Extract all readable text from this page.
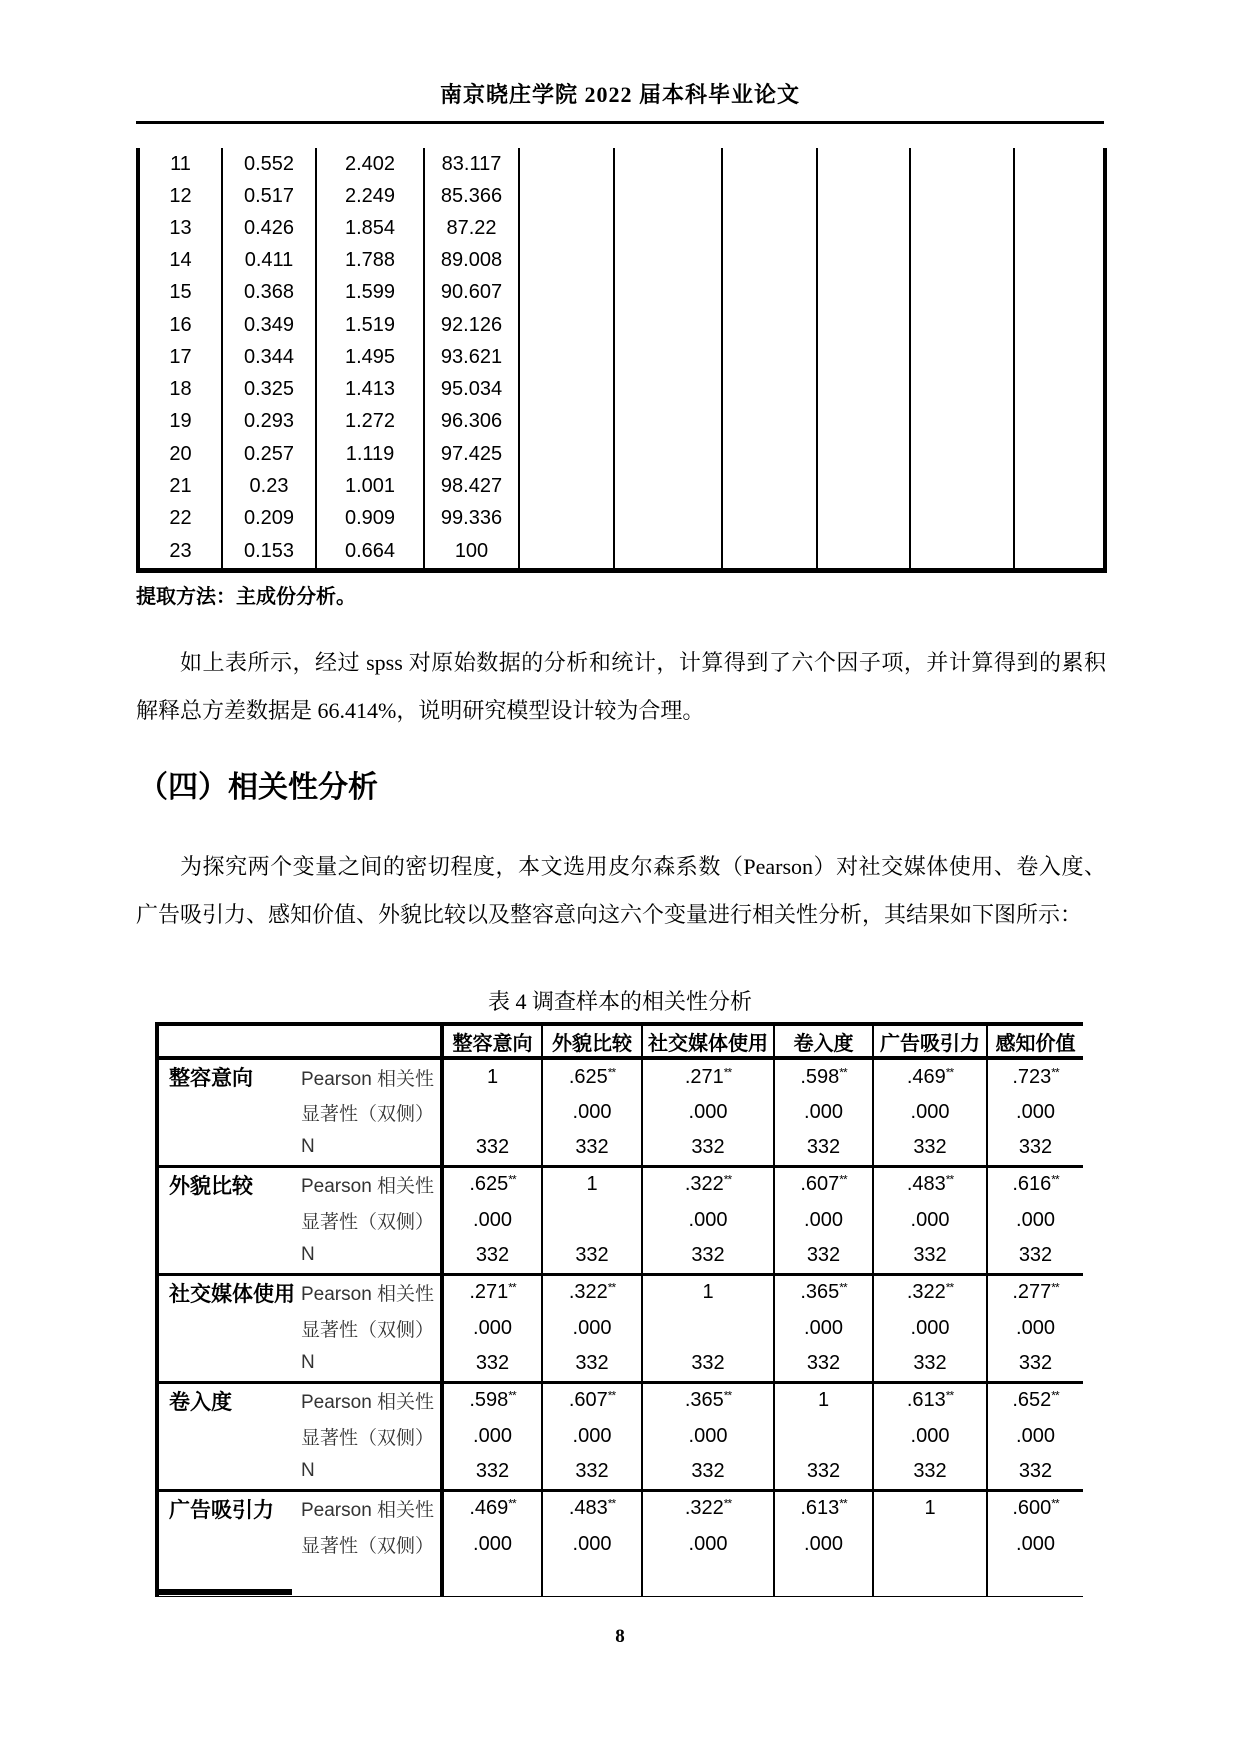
南京晓庄学院 2022 届本科毕业论文
11	0.552	2.402	83.117						
12	0.517	2.249	85.366						
13	0.426	1.854	87.22						
14	0.411	1.788	89.008						
15	0.368	1.599	90.607						
16	0.349	1.519	92.126						
17	0.344	1.495	93.621						
18	0.325	1.413	95.034						
19	0.293	1.272	96.306						
20	0.257	1.119	97.425						
21	0.23	1.001	98.427						
22	0.209	0.909	99.336						
23	0.153	0.664	100						
提取方法：主成份分析。
如上表所示，经过 spss 对原始数据的分析和统计，计算得到了六个因子项，并计算得到的累积解释总方差数据是 66.414%，说明研究模型设计较为合理。
（四）相关性分析
为探究两个变量之间的密切程度，本文选用皮尔森系数（Pearson）对社交媒体使用、卷入度、广告吸引力、感知价值、外貌比较以及整容意向这六个变量进行相关性分析，其结果如下图所示：
表 4 调查样本的相关性分析
	整容意向	外貌比较	社交媒体使用	卷入度	广告吸引力	感知价值

整容意向 Pearson 相关性	1	.625**	.271**	.598**	.469**	.723**

显著性（双侧）		.000	.000	.000	.000	.000

N	332	332	332	332	332	332

外貌比较 Pearson 相关性	.625**	1	.322**	.607**	.483**	.616**

显著性（双侧）	.000		.000	.000	.000	.000

N	332	332	332	332	332	332

社交媒体使用 Pearson 相关性	.271**	.322**	1	.365**	.322**	.277**

显著性（双侧）	.000	.000		.000	.000	.000

N	332	332	332	332	332	332

卷入度 Pearson 相关性	.598**	.607**	.365**	1	.613**	.652**

显著性（双侧）	.000	.000	.000		.000	.000

N	332	332	332	332	332	332

广告吸引力 Pearson 相关性	.469**	.483**	.322**	.613**	1	.600**

显著性（双侧）	.000	.000	.000	.000		.000

8
